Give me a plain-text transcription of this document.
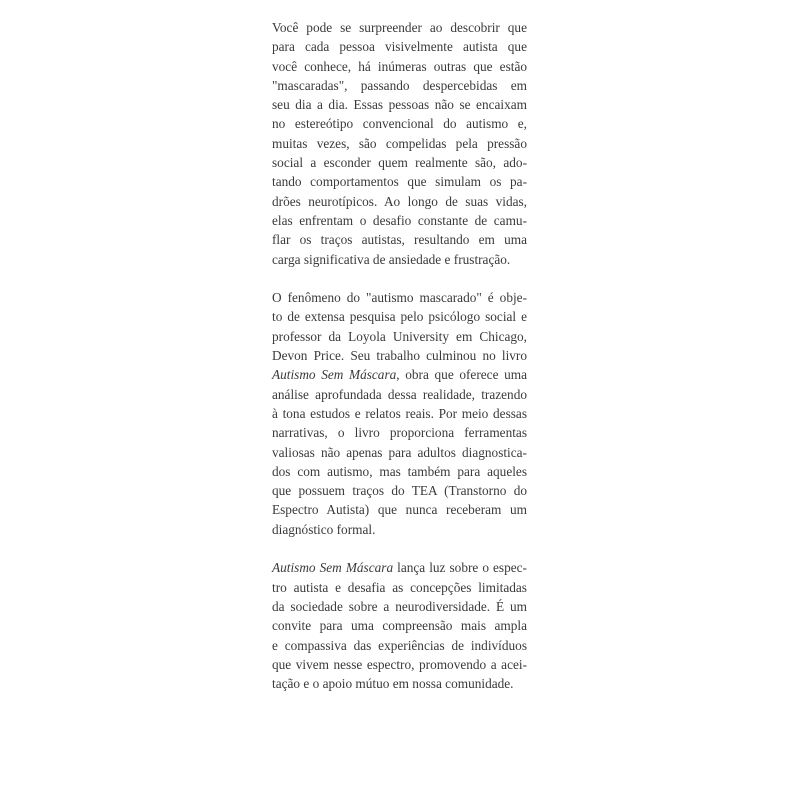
Você pode se surpreender ao descobrir que
para cada pessoa visivelmente autista que
você conhece, há inúmeras outras que estão
"mascaradas", passando despercebidas em
seu dia a dia. Essas pessoas não se encaixam
no estereótipo convencional do autismo e,
muitas vezes, são compelidas pela pressão
social a esconder quem realmente são, ado-
tando comportamentos que simulam os pa-
drões neurotípicos. Ao longo de suas vidas,
elas enfrentam o desafio constante de camu-
flar os traços autistas, resultando em uma
carga significativa de ansiedade e frustração.
O fenômeno do "autismo mascarado" é obje-
to de extensa pesquisa pelo psicólogo social e
professor da Loyola University em Chicago,
Devon Price. Seu trabalho culminou no livro
Autismo Sem Máscara, obra que oferece uma
análise aprofundada dessa realidade, trazendo
à tona estudos e relatos reais. Por meio dessas
narrativas, o livro proporciona ferramentas
valiosas não apenas para adultos diagnostica-
dos com autismo, mas também para aqueles
que possuem traços do TEA (Transtorno do
Espectro Autista) que nunca receberam um
diagnóstico formal.
Autismo Sem Máscara lança luz sobre o espec-
tro autista e desafia as concepções limitadas
da sociedade sobre a neurodiversidade. É um
convite para uma compreensão mais ampla
e compassiva das experiências de indivíduos
que vivem nesse espectro, promovendo a acei-
tação e o apoio mútuo em nossa comunidade.
